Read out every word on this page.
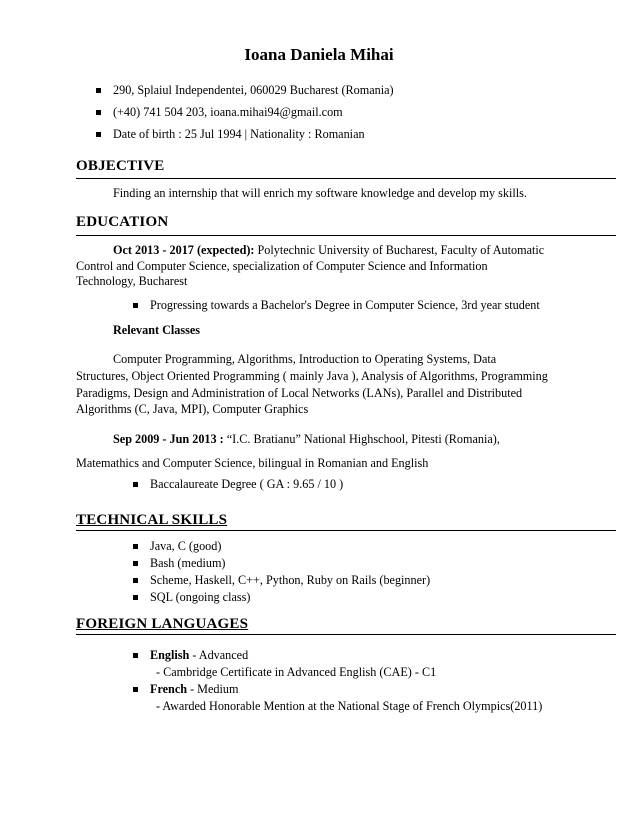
Ioana Daniela Mihai
290, Splaiul Independentei, 060029 Bucharest (Romania)
(+40) 741 504 203, ioana.mihai94@gmail.com
Date of birth : 25 Jul 1994 | Nationality : Romanian
OBJECTIVE
Finding an internship that will enrich my software knowledge and develop my skills.
EDUCATION
Oct 2013 - 2017 (expected): Polytechnic University of Bucharest, Faculty of Automatic
Control and Computer Science, specialization of Computer Science and Information
Technology, Bucharest
Progressing towards a Bachelor's Degree in Computer Science, 3rd year student
Relevant Classes
Computer Programming, Algorithms, Introduction to Operating Systems, Data
Structures, Object Oriented Programming ( mainly Java ), Analysis of Algorithms, Programming
Paradigms, Design and Administration of Local Networks (LANs), Parallel and Distributed
Algorithms (C, Java, MPI), Computer Graphics
Sep 2009 - Jun 2013 : “I.C. Bratianu” National Highschool, Pitesti (Romania),
Matemathics and Computer Science, bilingual in Romanian and English
Baccalaureate Degree ( GA : 9.65 / 10 )
TECHNICAL SKILLS
Java, C (good)
Bash (medium)
Scheme, Haskell, C++, Python, Ruby on Rails (beginner)
SQL (ongoing class)
FOREIGN LANGUAGES
English - Advanced
- Cambridge Certificate in Advanced English (CAE) - C1
French - Medium
- Awarded Honorable Mention at the National Stage of French Olympics(2011)
